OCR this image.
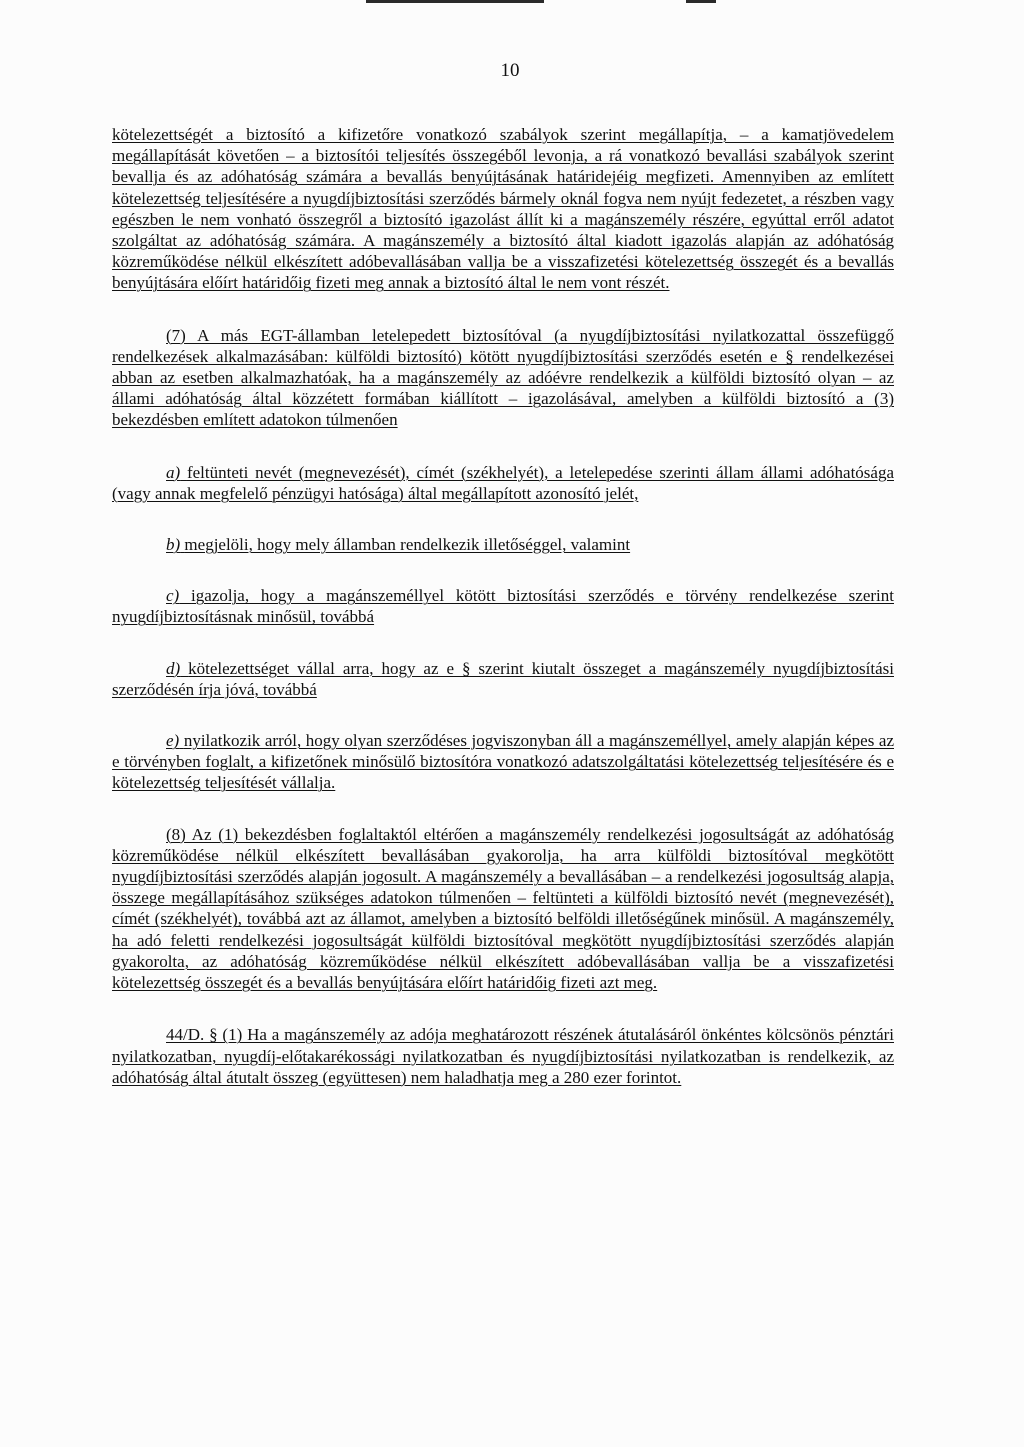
10

kötelezettségét a biztosító a kifizetőre vonatkozó szabályok szerint megállapítja, – a kamatjövedelem megállapítását követően – a biztosítói teljesítés összegéből levonja, a rá vonatkozó bevallási szabályok szerint bevallja és az adóhatóság számára a bevallás benyújtásának határidejéig megfizeti. Amennyiben az említett kötelezettség teljesítésére a nyugdíjbiztosítási szerződés bármely oknál fogva nem nyújt fedezetet, a részben vagy egészben le nem vonható összegről a biztosító igazolást állít ki a magánszemély részére, egyúttal erről adatot szolgáltat az adóhatóság számára. A magánszemély a biztosító által kiadott igazolás alapján az adóhatóság közreműködése nélkül elkészített adóbevallásában vallja be a visszafizetési kötelezettség összegét és a bevallás benyújtására előírt határidőig fizeti meg annak a biztosító által le nem vont részét.

(7) A más EGT-államban letelepedett biztosítóval (a nyugdíjbiztosítási nyilatkozattal összefüggő rendelkezések alkalmazásában: külföldi biztosító) kötött nyugdíjbiztosítási szerződés esetén e § rendelkezései abban az esetben alkalmazhatóak, ha a magánszemély az adóévre rendelkezik a külföldi biztosító olyan – az állami adóhatóság által közzétett formában kiállított – igazolásával, amelyben a külföldi biztosító a (3) bekezdésben említett adatokon túlmenően

a) feltünteti nevét (megnevezését), címét (székhelyét), a letelepedése szerinti állam állami adóhatósága (vagy annak megfelelő pénzügyi hatósága) által megállapított azonosító jelét,

b) megjelöli, hogy mely államban rendelkezik illetőséggel, valamint

c) igazolja, hogy a magánszeméllyel kötött biztosítási szerződés e törvény rendelkezése szerint nyugdíjbiztosításnak minősül, továbbá

d) kötelezettséget vállal arra, hogy az e § szerint kiutalt összeget a magánszemély nyugdíjbiztosítási szerződésén írja jóvá, továbbá

e) nyilatkozik arról, hogy olyan szerződéses jogviszonyban áll a magánszeméllyel, amely alapján képes az e törvényben foglalt, a kifizetőnek minősülő biztosítóra vonatkozó adatszolgáltatási kötelezettség teljesítésére és e kötelezettség teljesítését vállalja.

(8) Az (1) bekezdésben foglaltaktól eltérően a magánszemély rendelkezési jogosultságát az adóhatóság közreműködése nélkül elkészített bevallásában gyakorolja, ha arra külföldi biztosítóval megkötött nyugdíjbiztosítási szerződés alapján jogosult. A magánszemély a bevallásában – a rendelkezési jogosultság alapja, összege megállapításához szükséges adatokon túlmenően – feltünteti a külföldi biztosító nevét (megnevezését), címét (székhelyét), továbbá azt az államot, amelyben a biztosító belföldi illetőségűnek minősül. A magánszemély, ha adó feletti rendelkezési jogosultságát külföldi biztosítóval megkötött nyugdíjbiztosítási szerződés alapján gyakorolta, az adóhatóság közreműködése nélkül elkészített adóbevallásában vallja be a visszafizetési kötelezettség összegét és a bevallás benyújtására előírt határidőig fizeti azt meg.

44/D. § (1) Ha a magánszemély az adója meghatározott részének átutalásáról önkéntes kölcsönös pénztári nyilatkozatban, nyugdíj-előtakarékossági nyilatkozatban és nyugdíjbiztosítási nyilatkozatban is rendelkezik, az adóhatóság által átutalt összeg (együttesen) nem haladhatja meg a 280 ezer forintot.
